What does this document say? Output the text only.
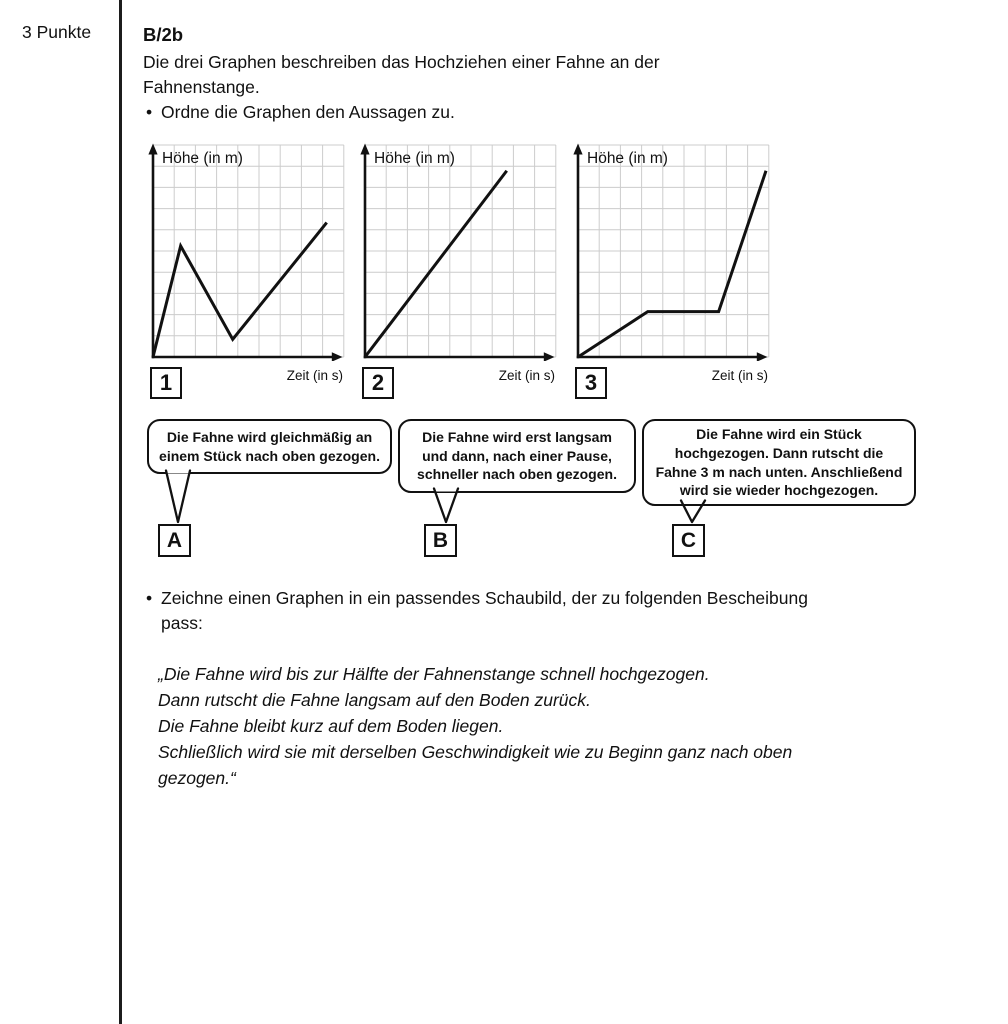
3 Punkte	B/2b
Die drei Graphen beschreiben das Hochziehen einer Fahne an der
Fahnenstange.
• Ordne die Graphen den Aussagen zu.
Höhe (in m)
1	Zeit (in s)
Höhe (in m)
2	Zeit (in s)
Höhe (in m)
3	Zeit (in s)
Die Fahne wird gleichmäßig an
einem Stück nach oben gezogen.
Die Fahne wird erst langsam
und dann, nach einer Pause,
schneller nach oben gezogen.
Die Fahne wird ein Stück
hochgezogen. Dann rutscht die
Fahne 3 m nach unten. Anschließend
wird sie wieder hochgezogen.
A	B	C
• Zeichne einen Graphen in ein passendes Schaubild, der zu folgenden Bescheibung
pass:
„Die Fahne wird bis zur Hälfte der Fahnenstange schnell hochgezogen.
Dann rutscht die Fahne langsam auf den Boden zurück.
Die Fahne bleibt kurz auf dem Boden liegen.
Schließlich wird sie mit derselben Geschwindigkeit wie zu Beginn ganz nach oben
gezogen.“
